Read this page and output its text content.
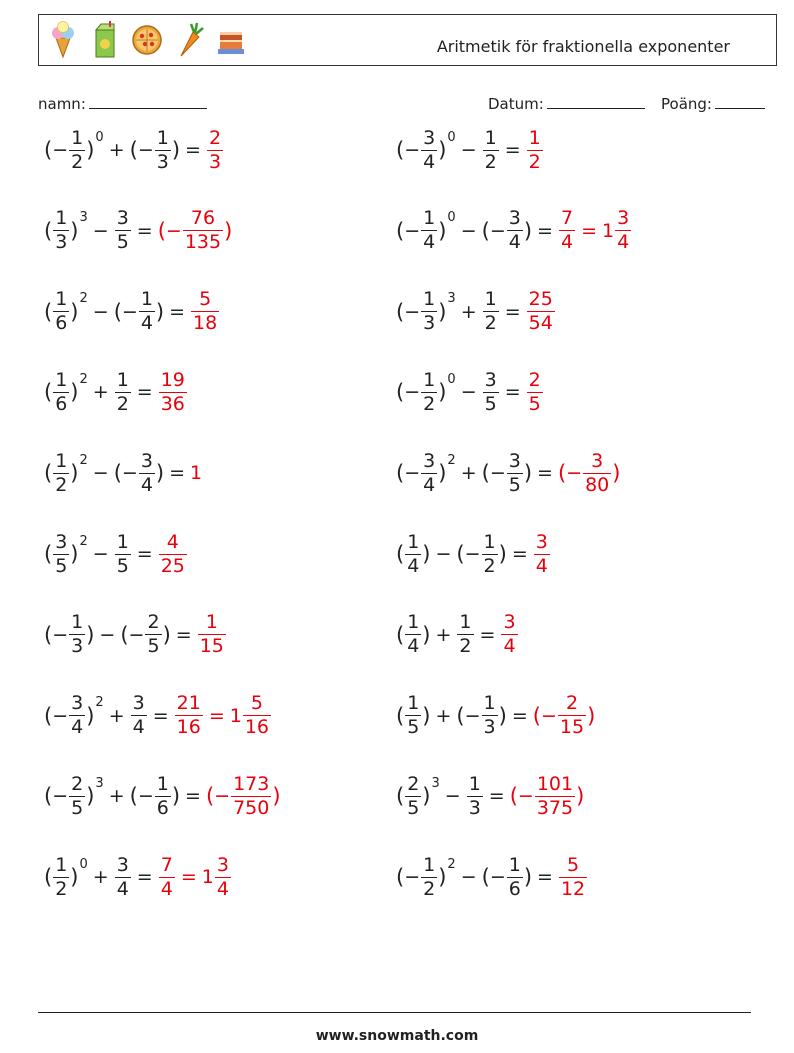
Aritmetik för fraktionella exponenter
namn:	Datum:	Poäng:
( − $\frac{1}{2}$ )
0
+ ( − $\frac{1}{3}$ ) = $\frac{2}{3}$	( − $\frac{3}{4}$ )
0
− $\frac{1}{2} = \frac{1}{2}$
( $\frac{1}{3}$ )
3
− $\frac{3}{5}$ = ( − $\frac{76}{135}$ )	( − $\frac{1}{4}$ )
0
− ( − $\frac{3}{4}$ ) = $\frac{7}{4} = 1 \frac{3}{4}$
( $\frac{1}{6}$ )
2
− ( − $\frac{1}{4}$ ) = $\frac{5}{18}$	( − $\frac{1}{3}$ )
3
+ $\frac{1}{2} = \frac{25}{54}$
( $\frac{1}{6}$ )
2
+ $\frac{1}{2} = \frac{19}{36}$	( − $\frac{1}{2}$ )
0
− $\frac{3}{5} = \frac{2}{5}$
( $\frac{1}{2}$ )
2
− ( − $\frac{3}{4}$ ) = 1	( − $\frac{3}{4}$ )
2
+ ( − $\frac{3}{5}$ ) = ( − $\frac{3}{80}$ )
( $\frac{3}{5}$ )
2
− $\frac{1}{5} = \frac{4}{25}$	( $\frac{1}{4}$ ) − ( − $\frac{1}{2}$ ) = $\frac{3}{4}$
( − $\frac{1}{3}$ ) − ( − $\frac{2}{5}$ ) = $\frac{1}{15}$	( $\frac{1}{4}$ ) + $\frac{1}{2} = \frac{3}{4}$
( − $\frac{3}{4}$ )
2
+ $\frac{3}{4} = \frac{21}{16} = 1 \frac{5}{16}$	( $\frac{1}{5}$ ) + ( − $\frac{1}{3}$ ) = ( − $\frac{2}{15}$ )
( − $\frac{2}{5}$ )
3
+ ( − $\frac{1}{6}$ ) = ( − $\frac{173}{750}$ )	( $\frac{2}{5}$ )
3
− $\frac{1}{3}$ = ( − $\frac{101}{375}$ )
( $\frac{1}{2}$ )
0
+ $\frac{3}{4} = \frac{7}{4} = 1 \frac{3}{4}$	( − $\frac{1}{2}$ )
2
− ( − $\frac{1}{6}$ ) = $\frac{5}{12}$
www.snowmath.com
